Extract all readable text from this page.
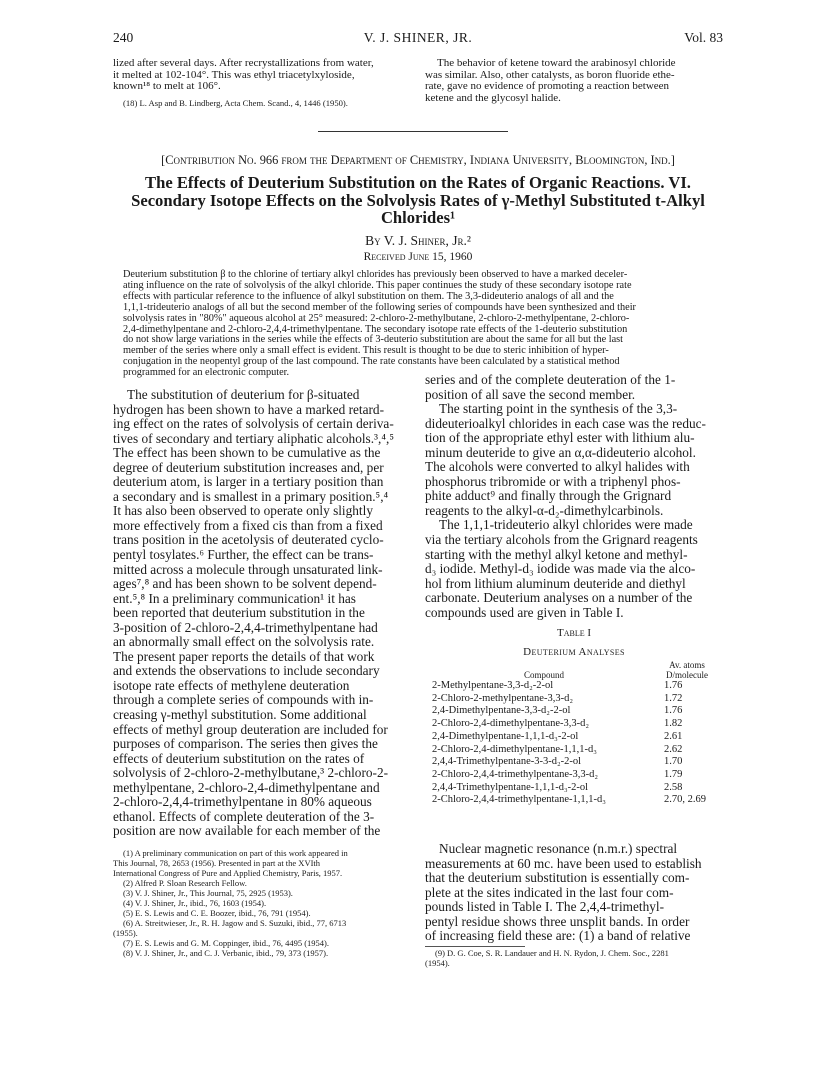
240	V. J. SHINER, JR.	Vol. 83
lized after several days. After recrystallizations from water,
it melted at 102-104°. This was ethyl triacetylxyloside,
known¹⁸ to melt at 106°.
(18) L. Asp and B. Lindberg, Acta Chem. Scand., 4, 1446 (1950).
The behavior of ketene toward the arabinosyl chloride
was similar. Also, other catalysts, as boron fluoride ethe-
rate, gave no evidence of promoting a reaction between
ketene and the glycosyl halide.
[Contribution No. 966 from the Department of Chemistry, Indiana University, Bloomington, Ind.]
The Effects of Deuterium Substitution on the Rates of Organic Reactions. VI.
Secondary Isotope Effects on the Solvolysis Rates of γ-Methyl Substituted t-Alkyl
Chlorides¹
By V. J. Shiner, Jr.²
Received June 15, 1960
Deuterium substitution β to the chlorine of tertiary alkyl chlorides has previously been observed to have a marked deceler-
ating influence on the rate of solvolysis of the alkyl chloride. This paper continues the study of these secondary isotope rate
effects with particular reference to the influence of alkyl substitution on them. The 3,3-dideuterio analogs of all and the
1,1,1-trideuterio analogs of all but the second member of the following series of compounds have been synthesized and their
solvolysis rates in "80%" aqueous alcohol at 25° measured: 2-chloro-2-methylbutane, 2-chloro-2-methylpentane, 2-chloro-
2,4-dimethylpentane and 2-chloro-2,4,4-trimethylpentane. The secondary isotope rate effects of the 1-deuterio substitution
do not show large variations in the series while the effects of 3-deuterio substitution are about the same for all but the last
member of the series where only a small effect is evident. This result is thought to be due to steric inhibition of hyper-
conjugation in the neopentyl group of the last compound. The rate constants have been calculated by a statistical method
programmed for an electronic computer.

The substitution of deuterium for β-situated

hydrogen has been shown to have a marked retard-

ing effect on the rates of solvolysis of certain deriva-

tives of secondary and tertiary aliphatic alcohols.³,⁴,⁵

The effect has been shown to be cumulative as the

degree of deuterium substitution increases and, per

deuterium atom, is larger in a tertiary position than

a secondary and is smallest in a primary position.⁵,⁴

It has also been observed to operate only slightly

more effectively from a fixed cis than from a fixed

trans position in the acetolysis of deuterated cyclo-

pentyl tosylates.⁶ Further, the effect can be trans-

mitted across a molecule through unsaturated link-

ages⁷,⁸ and has been shown to be solvent depend-

ent.⁵,⁸ In a preliminary communication¹ it has

been reported that deuterium substitution in the

3-position of 2-chloro-2,4,4-trimethylpentane had

an abnormally small effect on the solvolysis rate.

The present paper reports the details of that work

and extends the observations to include secondary

isotope rate effects of methylene deuteration

through a complete series of compounds with in-

creasing γ-methyl substitution. Some additional

effects of methyl group deuteration are included for

purposes of comparison. The series then gives the

effects of deuterium substitution on the rates of

solvolysis of 2-chloro-2-methylbutane,³ 2-chloro-2-

methylpentane, 2-chloro-2,4-dimethylpentane and

2-chloro-2,4,4-trimethylpentane in 80% aqueous

ethanol. Effects of complete deuteration of the 3-

position are now available for each member of the

(1) A preliminary communication on part of this work appeared in
This Journal, 78, 2653 (1956). Presented in part at the XVIth
International Congress of Pure and Applied Chemistry, Paris, 1957.
(2) Alfred P. Sloan Research Fellow.
(3) V. J. Shiner, Jr., This Journal, 75, 2925 (1953).
(4) V. J. Shiner, Jr., ibid., 76, 1603 (1954).
(5) E. S. Lewis and C. E. Boozer, ibid., 76, 791 (1954).
(6) A. Streitwieser, Jr., R. H. Jagow and S. Suzuki, ibid., 77, 6713
(1955).
(7) E. S. Lewis and G. M. Coppinger, ibid., 76, 4495 (1954).
(8) V. J. Shiner, Jr., and C. J. Verbanic, ibid., 79, 373 (1957).

series and of the complete deuteration of the 1-

position of all save the second member.

The starting point in the synthesis of the 3,3-

dideuterioalkyl chlorides in each case was the reduc-

tion of the appropriate ethyl ester with lithium alu-

minum deuteride to give an α,α-dideuterio alcohol.

The alcohols were converted to alkyl halides with

phosphorus tribromide or with a triphenyl phos-

phite adduct⁹ and finally through the Grignard

reagents to the alkyl-α-d₂-dimethylcarbinols.

The 1,1,1-trideuterio alkyl chlorides were made

via the tertiary alcohols from the Grignard reagents

starting with the methyl alkyl ketone and methyl-

d₃ iodide. Methyl-d₃ iodide was made via the alco-

hol from lithium aluminum deuteride and diethyl

carbonate. Deuterium analyses on a number of the

compounds used are given in Table I.

Table I
Deuterium Analyses
Compound	Av. atoms
D/molecule

2-Methylpentane-3,3-d₂-2-ol	1.76
2-Chloro-2-methylpentane-3,3-d₂	1.72
2,4-Dimethylpentane-3,3-d₂-2-ol	1.76
2-Chloro-2,4-dimethylpentane-3,3-d₂	1.82
2,4-Dimethylpentane-1,1,1-d₃-2-ol	2.61
2-Chloro-2,4-dimethylpentane-1,1,1-d₃	2.62
2,4,4-Trimethylpentane-3-3-d₂-2-ol	1.70
2-Chloro-2,4,4-trimethylpentane-3,3-d₂	1.79
2,4,4-Trimethylpentane-1,1,1-d₃-2-ol	2.58
2-Chloro-2,4,4-trimethylpentane-1,1,1-d₃	2.70, 2.69

Nuclear magnetic resonance (n.m.r.) spectral

measurements at 60 mc. have been used to establish

that the deuterium substitution is essentially com-

plete at the sites indicated in the last four com-

pounds listed in Table I. The 2,4,4-trimethyl-

pentyl residue shows three unsplit bands. In order

of increasing field these are: (1) a band of relative

(9) D. G. Coe, S. R. Landauer and H. N. Rydon, J. Chem. Soc., 2281
(1954).
